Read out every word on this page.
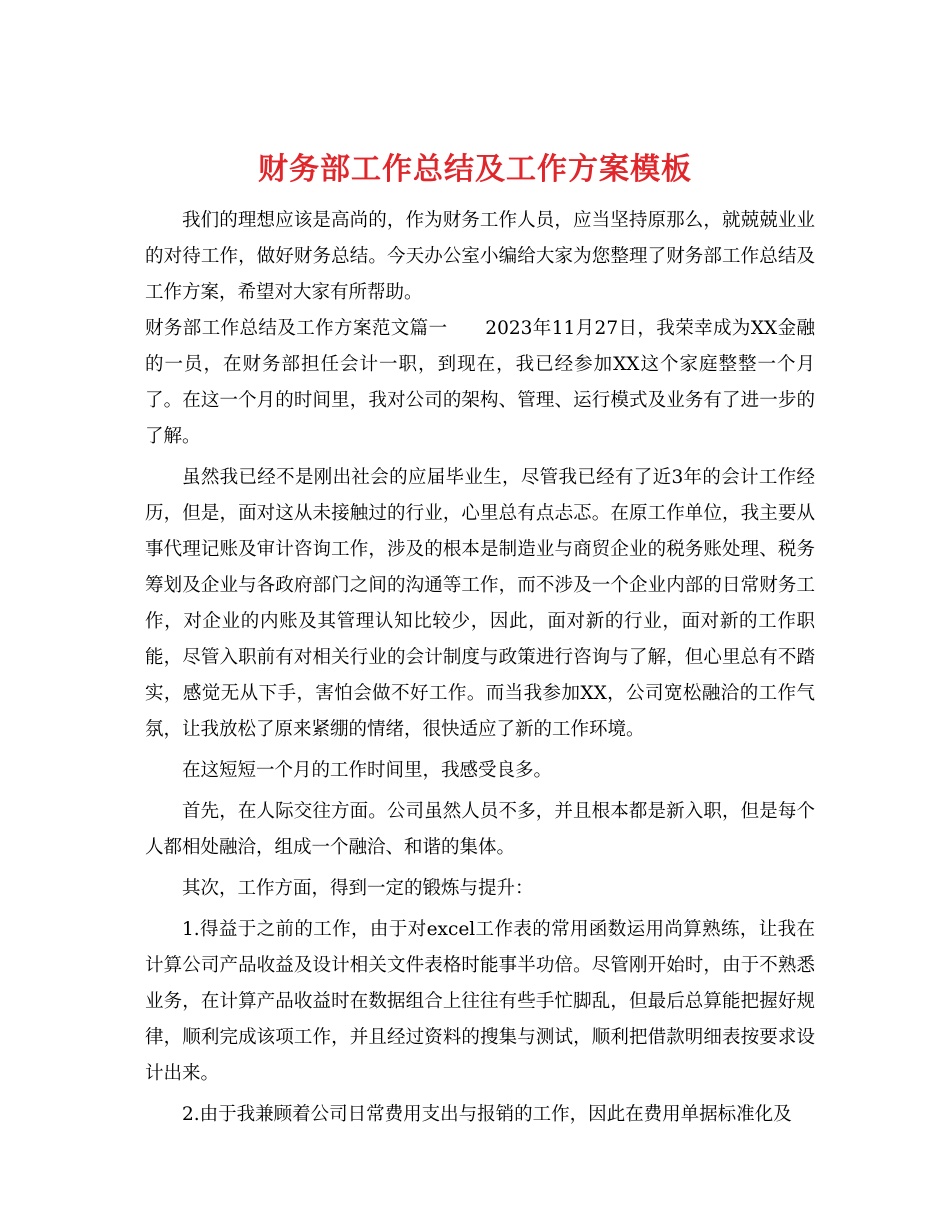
财务部工作总结及工作方案模板

我们的理想应该是高尚的，作为财务工作人员，应当坚持原那么，就兢兢业业的对待工作，做好财务总结。今天办公室小编给大家为您整理了财务部工作总结及工作方案，希望对大家有所帮助。

财务部工作总结及工作方案范文篇一　　2023年11月27日，我荣幸成为XX金融的一员，在财务部担任会计一职，到现在，我已经参加XX这个家庭整整一个月了。在这一个月的时间里，我对公司的架构、管理、运行模式及业务有了进一步的了解。

虽然我已经不是刚出社会的应届毕业生，尽管我已经有了近3年的会计工作经历，但是，面对这从未接触过的行业，心里总有点忐忑。在原工作单位，我主要从事代理记账及审计咨询工作，涉及的根本是制造业与商贸企业的税务账处理、税务筹划及企业与各政府部门之间的沟通等工作，而不涉及一个企业内部的日常财务工作，对企业的内账及其管理认知比较少，因此，面对新的行业，面对新的工作职能，尽管入职前有对相关行业的会计制度与政策进行咨询与了解，但心里总有不踏实，感觉无从下手，害怕会做不好工作。而当我参加XX，公司宽松融洽的工作气氛，让我放松了原来紧绷的情绪，很快适应了新的工作环境。

在这短短一个月的工作时间里，我感受良多。

首先，在人际交往方面。公司虽然人员不多，并且根本都是新入职，但是每个人都相处融洽，组成一个融洽、和谐的集体。

其次，工作方面，得到一定的锻炼与提升：

1.得益于之前的工作，由于对excel工作表的常用函数运用尚算熟练，让我在计算公司产品收益及设计相关文件表格时能事半功倍。尽管刚开始时，由于不熟悉业务，在计算产品收益时在数据组合上往往有些手忙脚乱，但最后总算能把握好规律，顺利完成该项工作，并且经过资料的搜集与测试，顺利把借款明细表按要求设计出来。

2.由于我兼顾着公司日常费用支出与报销的工作，因此在费用单据标准化及
